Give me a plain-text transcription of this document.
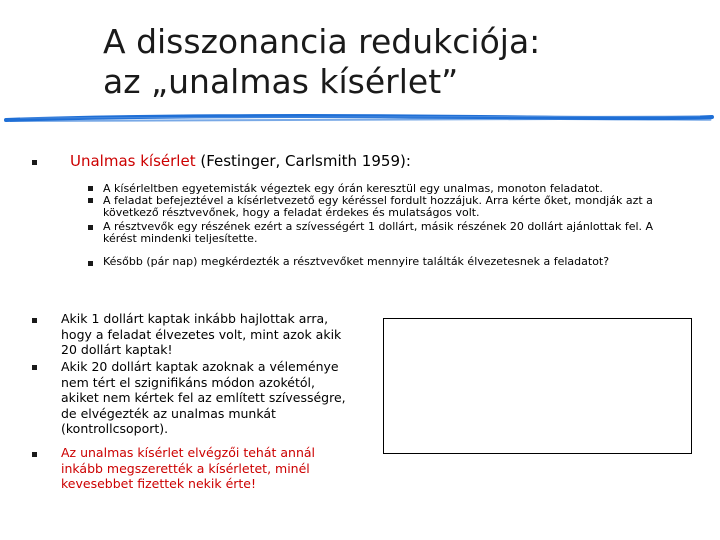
A disszonancia redukciója:
az „unalmas kísérlet”
Unalmas kísérlet (Festinger, Carlsmith 1959):
A kísérleltben egyetemisták végeztek egy órán keresztül egy unalmas, monoton feladatot.
A feladat befejeztével a kísérletvezető egy kéréssel fordult hozzájuk. Arra kérte őket, mondják azt a következő résztvevőnek, hogy a feladat érdekes és mulatságos volt.
A résztvevők egy részének ezért a szívességért 1 dollárt, másik részének 20 dollárt ajánlottak fel. A kérést mindenki teljesítette.
Később (pár nap) megkérdezték a résztvevőket mennyire találták élvezetesnek a feladatot?
Akik 1 dollárt kaptak inkább hajlottak arra, hogy a feladat élvezetes volt, mint azok akik 20 dollárt kaptak!
Akik 20 dollárt kaptak azoknak a véleménye nem tért el szignifikáns módon azokétól, akiket nem kértek fel az említett szívességre, de elvégezték az unalmas munkát (kontrollcsoport).
Az unalmas kísérlet elvégzői tehát annál inkább megszerették a kísérletet, minél kevesebbet fizettek nekik érte!
